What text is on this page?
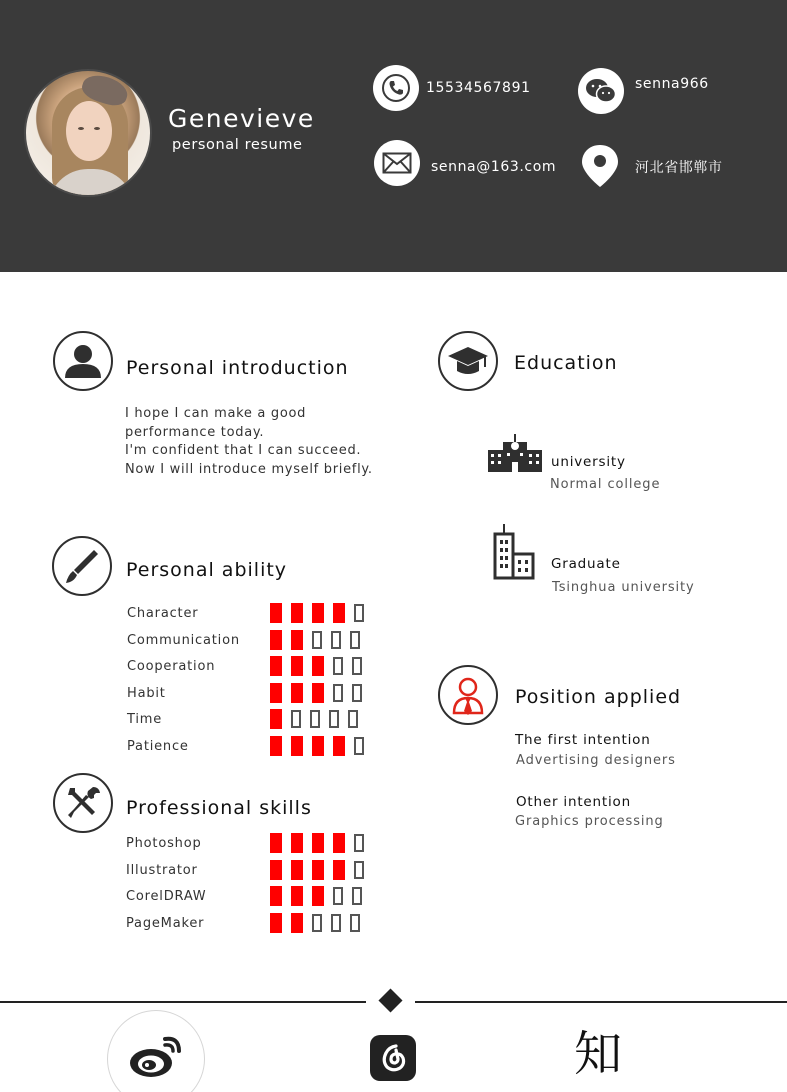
Genevieve
personal resume
15534567891	senna966
senna@163.com	河北省邯郸市
Personal introduction
I hope I can make a good
performance today.
I'm confident that I can succeed.
Now I will introduce myself briefly.
Personal ability
Character
Communication
Cooperation
Habit
Time
Patience
Professional skills
Photoshop
Illustrator
CorelDRAW
PageMaker
Education
university
Normal college
Graduate
Tsinghua university
Position applied
The first intention
Advertising designers
Other intention
Graphics processing
知
